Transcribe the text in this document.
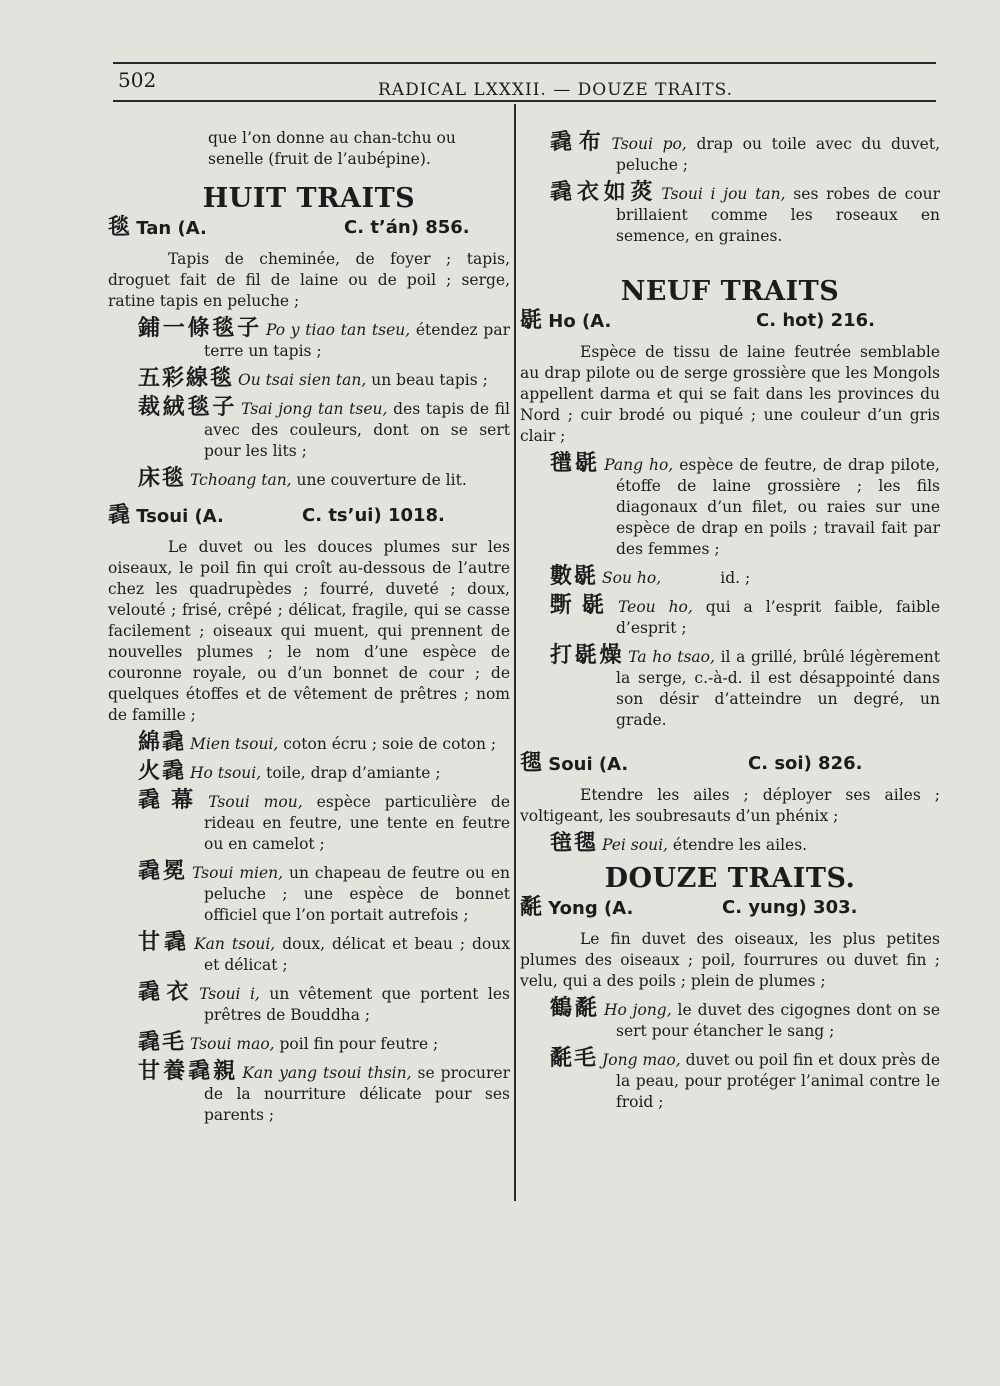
502	RADICAL LXXXII. — DOUZE TRAITS.

que l’on donne au chan-tchu ou senelle (fruit de l’aubépine).

HUIT TRAITS
毯 Tan (A.	C. t’án) 856.

Tapis de cheminée, de foyer ; tapis, droguet fait de fil de laine ou de poil ; serge, ratine tapis en peluche ;

鋪一條毯子 Po y tiao tan tseu, étendez par terre un tapis ;

五彩線毯 Ou tsai sien tan, un beau tapis ;

裁絨毯子 Tsai jong tan tseu, des tapis de fil avec des couleurs, dont on se sert pour les lits ;

床毯 Tchoang tan, une couverture de lit.

毳 Tsoui (A.	C. ts’ui) 1018.

Le duvet ou les douces plumes sur les oiseaux, le poil fin qui croît au-dessous de l’autre chez les quadrupèdes ; fourré, duveté ; doux, velouté ; frisé, crêpé ; délicat, fragile, qui se casse facilement ; oiseaux qui muent, qui prennent de nouvelles plumes ; le nom d’une espèce de couronne royale, ou d’un bonnet de cour ; de quelques étoffes et de vêtement de prêtres ; nom de famille ;

綿毳 Mien tsoui, coton écru ; soie de coton ;

火毳 Ho tsoui, toile, drap d’amiante ;

毳幕 Tsoui mou, espèce particulière de rideau en feutre, une tente en feutre ou en camelot ;

毳冕 Tsoui mien, un chapeau de feutre ou en peluche ; une espèce de bonnet officiel que l’on portait autrefois ;

甘毳 Kan tsoui, doux, délicat et beau ; doux et délicat ;

毳衣 Tsoui i, un vêtement que portent les prêtres de Bouddha ;

毳毛 Tsoui mao, poil fin pour feutre ;

甘養毳親 Kan yang tsoui thsin, se procurer de la nourriture délicate pour ses parents ;

毳布 Tsoui po, drap ou toile avec du duvet, peluche ;

毳衣如菼 Tsoui i jou tan, ses robes de cour brillaient comme les roseaux en semence, en graines.

NEUF TRAITS
毼 Ho (A.	C. hot) 216.

Espèce de tissu de laine feutrée semblable au drap pilote ou de serge grossière que les Mongols appellent darma et qui se fait dans les provinces du Nord ; cuir brodé ou piqué ; une couleur d’un gris clair ;

氆毼 Pang ho, espèce de feutre, de drap pilote, étoffe de laine grossière ; les fils diagonaux d’un filet, ou raies sur une espèce de drap en poils ; travail fait par des femmes ;

數毼 Sou ho,            id. ;

斲毼 Teou ho, qui a l’esprit faible, faible d’esprit ;

打毼燥 Ta ho tsao, il a grillé, brûlé légèrement la serge, c.-à-d. il est désappointé dans son désir d’atteindre un degré, un grade.

毸 Soui (A.	C. soi) 826.

Etendre les ailes ; déployer ses ailes ; voltigeant, les soubresauts d’un phénix ;

毰毸 Pei soui, étendre les ailes.

DOUZE TRAITS.
氄 Yong (A.	C. yung) 303.

Le fin duvet des oiseaux, les plus petites plumes des oiseaux ; poil, fourrures ou duvet fin ; velu, qui a des poils ; plein de plumes ;

鶴氄 Ho jong, le duvet des cigognes dont on se sert pour étancher le sang ;

氄毛 Jong mao, duvet ou poil fin et doux près de la peau, pour protéger l’animal contre le froid ;
